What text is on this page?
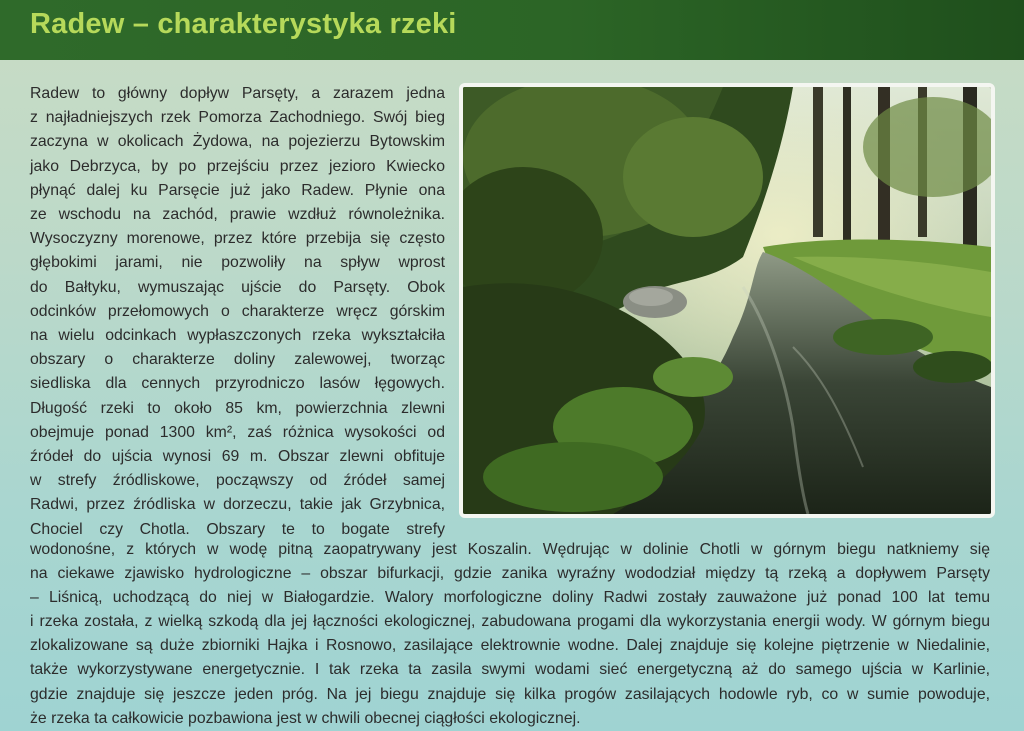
Radew – charakterystyka rzeki
Radew to główny dopływ Parsęty, a zarazem jedna
z najładniejszych rzek Pomorza Zachodniego. Swój bieg
zaczyna w okolicach Żydowa, na pojezierzu Bytowskim
jako Debrzyca, by po przejściu przez jezioro Kwiecko
płynąć dalej ku Parsęcie już jako Radew. Płynie ona
ze wschodu na zachód, prawie wzdłuż równoleżnika.
Wysoczyzny morenowe, przez które przebija się często
głębokimi jarami, nie pozwoliły na spływ wprost
do Bałtyku, wymuszając ujście do Parsęty. Obok
odcinków przełomowych o charakterze wręcz górskim
na wielu odcinkach wypłaszczonych rzeka wykształciła
obszary o charakterze doliny zalewowej, tworząc
siedliska dla cennych przyrodniczo lasów łęgowych.
Długość rzeki to około 85 km, powierzchnia zlewni
obejmuje ponad 1300 km², zaś różnica wysokości od
źródeł do ujścia wynosi 69 m. Obszar zlewni obfituje
w strefy źródliskowe, począwszy od źródeł samej
Radwi, przez źródliska w dorzeczu, takie jak Grzybnica,
Chociel czy Chotla. Obszary te to bogate strefy
wodonośne, z których w wodę pitną zaopatrywany jest Koszalin. Wędrując w dolinie Chotli w górnym biegu natkniemy się
na ciekawe zjawisko hydrologiczne – obszar bifurkacji, gdzie zanika wyraźny wododział między tą rzeką a dopływem Parsęty
– Liśnicą, uchodzącą do niej w Białogardzie. Walory morfologiczne doliny Radwi zostały zauważone już ponad 100 lat temu
i rzeka została, z wielką szkodą dla jej łączności ekologicznej, zabudowana progami dla wykorzystania energii wody. W górnym biegu
zlokalizowane są duże zbiorniki Hajka i Rosnowo, zasilające elektrownie wodne. Dalej znajduje się kolejne piętrzenie w Niedalinie,
także wykorzystywane energetycznie. I tak rzeka ta zasila swymi wodami sieć energetyczną aż do samego ujścia w Karlinie,
gdzie znajduje się jeszcze jeden próg. Na jej biegu znajduje się kilka progów zasilających hodowle ryb, co w sumie powoduje,
że rzeka ta całkowicie pozbawiona jest w chwili obecnej ciągłości ekologicznej.
